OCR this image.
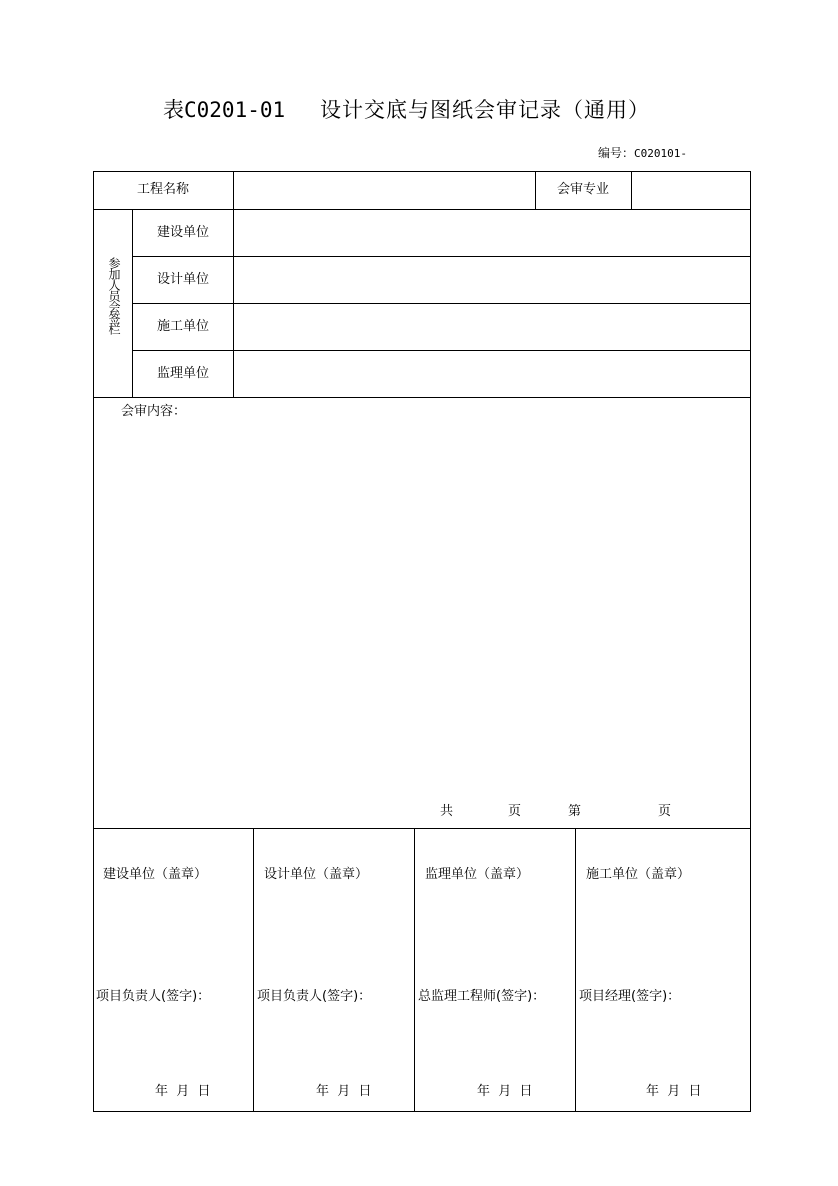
表C0201-01 设计交底与图纸会审记录（通用）
编号：C020101-
工程名称	会审专业
参加人员会签栏
建设单位
设计单位
施工单位
监理单位
会审内容：
共	页	第	页
建设单位（盖章）
项目负责人(签字)：
年  月  日
设计单位（盖章）
项目负责人(签字)：
年  月  日
监理单位（盖章）
总监理工程师(签字)：
年  月  日
施工单位（盖章）
项目经理(签字)：
年  月  日
